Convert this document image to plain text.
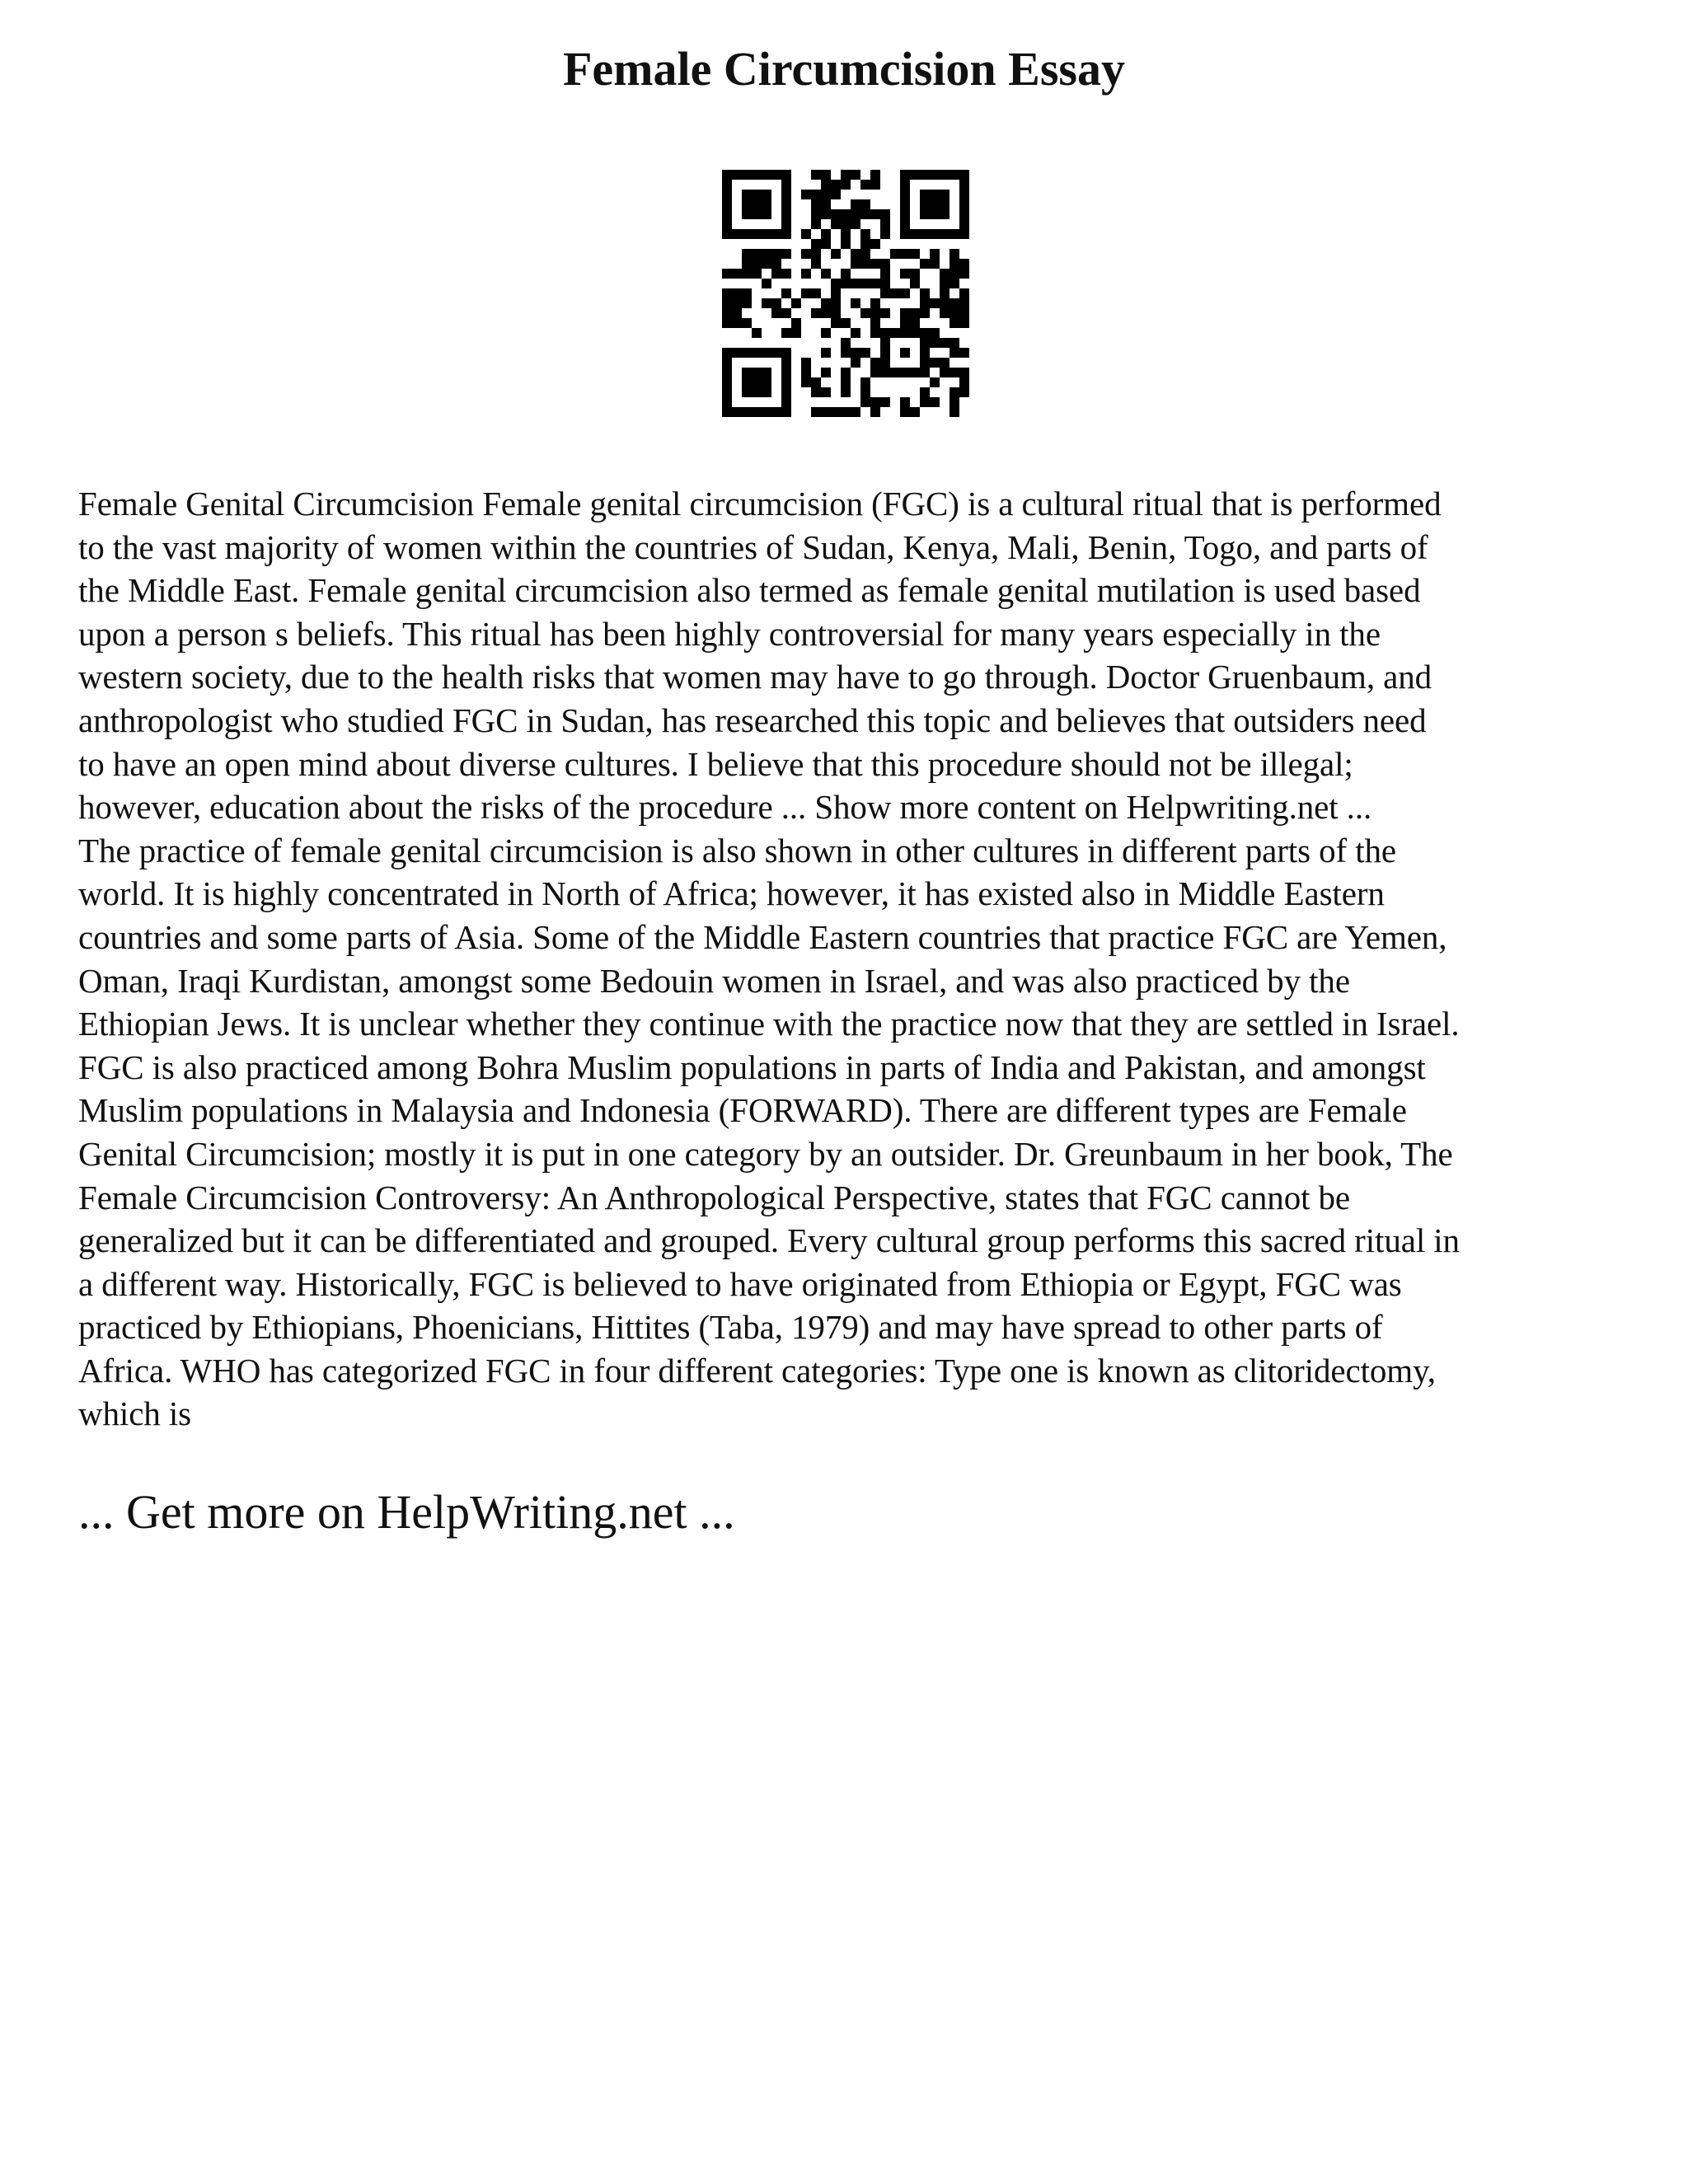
Female Circumcision Essay

Female Genital Circumcision Female genital circumcision (FGC) is a cultural ritual that is performed
to the vast majority of women within the countries of Sudan, Kenya, Mali, Benin, Togo, and parts of
the Middle East. Female genital circumcision also termed as female genital mutilation is used based
upon a person s beliefs. This ritual has been highly controversial for many years especially in the
western society, due to the health risks that women may have to go through. Doctor Gruenbaum, and
anthropologist who studied FGC in Sudan, has researched this topic and believes that outsiders need
to have an open mind about diverse cultures. I believe that this procedure should not be illegal;
however, education about the risks of the procedure ... Show more content on Helpwriting.net ...
The practice of female genital circumcision is also shown in other cultures in different parts of the
world. It is highly concentrated in North of Africa; however, it has existed also in Middle Eastern
countries and some parts of Asia. Some of the Middle Eastern countries that practice FGC are Yemen,
Oman, Iraqi Kurdistan, amongst some Bedouin women in Israel, and was also practiced by the
Ethiopian Jews. It is unclear whether they continue with the practice now that they are settled in Israel.
FGC is also practiced among Bohra Muslim populations in parts of India and Pakistan, and amongst
Muslim populations in Malaysia and Indonesia (FORWARD). There are different types are Female
Genital Circumcision; mostly it is put in one category by an outsider. Dr. Greunbaum in her book, The
Female Circumcision Controversy: An Anthropological Perspective, states that FGC cannot be
generalized but it can be differentiated and grouped. Every cultural group performs this sacred ritual in
a different way. Historically, FGC is believed to have originated from Ethiopia or Egypt, FGC was
practiced by Ethiopians, Phoenicians, Hittites (Taba, 1979) and may have spread to other parts of
Africa. WHO has categorized FGC in four different categories: Type one is known as clitoridectomy,
which is

... Get more on HelpWriting.net ...
